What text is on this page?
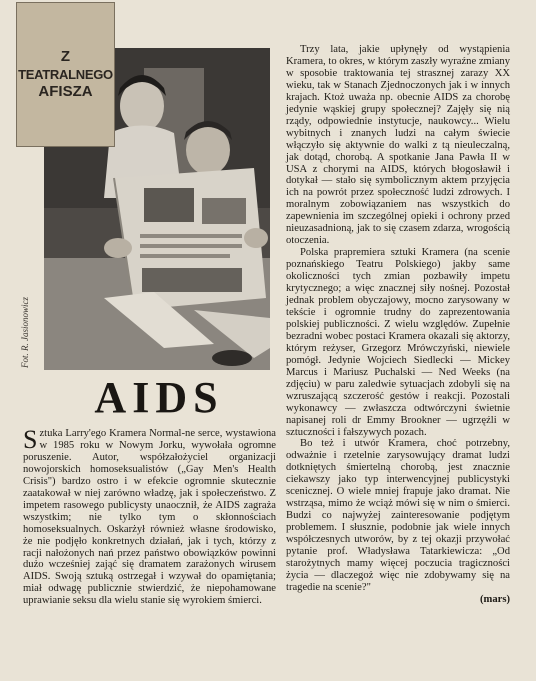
Z
TEATRALNEGO
AFISZA
Fot. R. Jasionowicz
AIDS

Sztuka Larry'ego Kramera Normal-ne serce, wystawiona w 1985 roku w Nowym Jorku, wywołała ogromne poruszenie. Autor, współzałożyciel organizacji nowojorskich homoseksualistów („Gay Men's Health Crisis") bardzo ostro i w efekcie ogromnie skutecznie zaatakował w niej zarówno władzę, jak i społeczeństwo. Z impetem rasowego publicysty unaocznił, że AIDS zagraża wszystkim; nie tylko tym o skłonnościach homoseksualnych. Oskarżył również własne środowisko, że nie podjęło konkretnych działań, jak i tych, którzy z racji nałożonych nań przez państwo obowiązków powinni dużo wcześniej zająć się dramatem zarażonych wirusem AIDS. Swoją sztuką ostrzegał i wzywał do opamiętania; miał odwagę publicznie stwierdzić, że niepohamowane uprawianie seksu dla wielu stanie się wyrokiem śmierci.

Trzy lata, jakie upłynęły od wystąpienia Kramera, to okres, w którym zaszły wyraźne zmiany w sposobie traktowania tej strasznej zarazy XX wieku, tak w Stanach Zjednoczonych jak i w innych krajach. Ktoż uważa np. obecnie AIDS za chorobę jedynie wąskiej grupy społecznej? Zajęły się nią rządy, odpowiednie instytucje, naukowcy... Wielu wybitnych i znanych ludzi na całym świecie włączyło się aktywnie do walki z tą nieuleczalną, jak dotąd, chorobą. A spotkanie Jana Pawła II w USA z chorymi na AIDS, których błogosławił i dotykał — stało się symbolicznym aktem przyjęcia ich na powrót przez społeczność ludzi zdrowych. I moralnym zobowiązaniem nas wszystkich do zapewnienia im szczególnej opieki i ochrony przed nieuzasadnioną, jak to się czasem zdarza, wrogością otoczenia.

Polska prapremiera sztuki Kramera (na scenie poznańskiego Teatru Polskiego) jakby same okoliczności tych zmian pozbawiły impetu krytycznego; a więc znacznej siły nośnej. Pozostał jednak problem obyczajowy, mocno zarysowany w tekście i ogromnie trudny do zaprezentowania polskiej publiczności. Z wielu względów. Zupełnie bezradni wobec postaci Kramera okazali się aktorzy, którym reżyser, Grzegorz Mrówczyński, niewiele pomógł. Jedynie Wojciech Siedlecki — Mickey Marcus i Mariusz Puchalski — Ned Weeks (na zdjęciu) w paru zaledwie sytuacjach zdobyli się na wzruszającą szczerość gestów i reakcji. Pozostali wykonawcy — zwłaszcza odtwórczyni świetnie napisanej roli dr Emmy Brookner — ugrzęźli w sztuczności i fałszywych pozach.

Bo też i utwór Kramera, choć potrzebny, odważnie i rzetelnie zarysowujący dramat ludzi dotkniętych śmiertelną chorobą, jest znacznie ciekawszy jako typ interwencyjnej publicystyki scenicznej. O wiele mniej frapuje jako dramat. Nie wstrząsa, mimo że wciąż mówi się w nim o śmierci. Budzi co najwyżej zainteresowanie podjętym problemem. I słusznie, podobnie jak wiele innych współczesnych utworów, by z tej okazji przywołać pytanie prof. Władysława Tatarkiewicza: „Od starożytnych mamy więcej poczucia tragiczności życia — dlaczegoż więc nie zdobywamy się na tragedie na scenie?"

(mars)
